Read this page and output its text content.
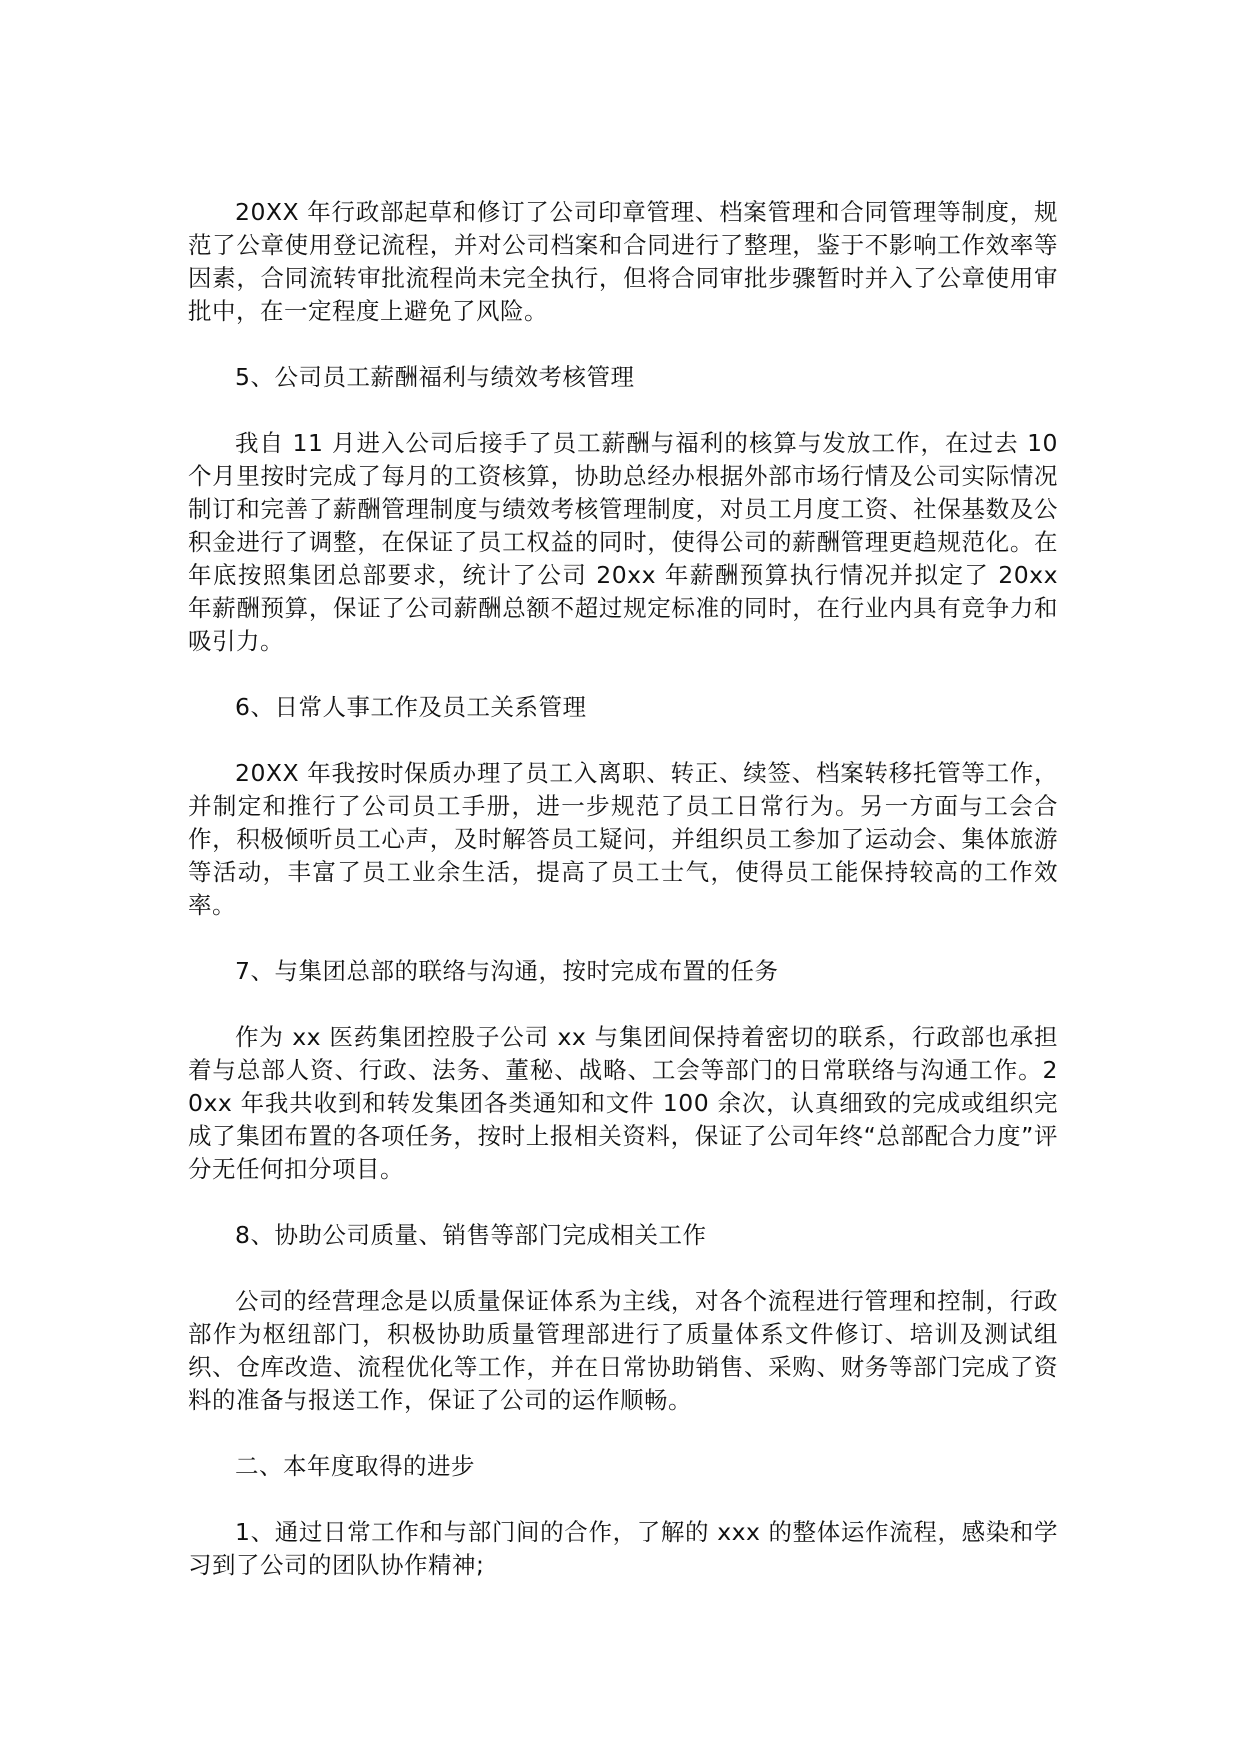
20XX 年行政部起草和修订了公司印章管理、档案管理和合同管理等制度，规范了公章使用登记流程，并对公司档案和合同进行了整理，鉴于不影响工作效率等因素，合同流转审批流程尚未完全执行，但将合同审批步骤暂时并入了公章使用审批中，在一定程度上避免了风险。

5、公司员工薪酬福利与绩效考核管理

我自 11 月进入公司后接手了员工薪酬与福利的核算与发放工作，在过去 10 个月里按时完成了每月的工资核算，协助总经办根据外部市场行情及公司实际情况制订和完善了薪酬管理制度与绩效考核管理制度，对员工月度工资、社保基数及公积金进行了调整，在保证了员工权益的同时，使得公司的薪酬管理更趋规范化。在年底按照集团总部要求，统计了公司 20xx 年薪酬预算执行情况并拟定了 20xx 年薪酬预算，保证了公司薪酬总额不超过规定标准的同时，在行业内具有竞争力和吸引力。

6、日常人事工作及员工关系管理

20XX 年我按时保质办理了员工入离职、转正、续签、档案转移托管等工作，并制定和推行了公司员工手册，进一步规范了员工日常行为。另一方面与工会合作，积极倾听员工心声，及时解答员工疑问，并组织员工参加了运动会、集体旅游等活动，丰富了员工业余生活，提高了员工士气，使得员工能保持较高的工作效率。

7、与集团总部的联络与沟通，按时完成布置的任务

作为 xx 医药集团控股子公司 xx 与集团间保持着密切的联系，行政部也承担着与总部人资、行政、法务、董秘、战略、工会等部门的日常联络与沟通工作。20xx 年我共收到和转发集团各类通知和文件 100 余次，认真细致的完成或组织完成了集团布置的各项任务，按时上报相关资料，保证了公司年终“总部配合力度”评分无任何扣分项目。

8、协助公司质量、销售等部门完成相关工作

公司的经营理念是以质量保证体系为主线，对各个流程进行管理和控制，行政部作为枢纽部门，积极协助质量管理部进行了质量体系文件修订、培训及测试组织、仓库改造、流程优化等工作，并在日常协助销售、采购、财务等部门完成了资料的准备与报送工作，保证了公司的运作顺畅。

二、本年度取得的进步

1、通过日常工作和与部门间的合作，了解的 xxx 的整体运作流程，感染和学习到了公司的团队协作精神;
